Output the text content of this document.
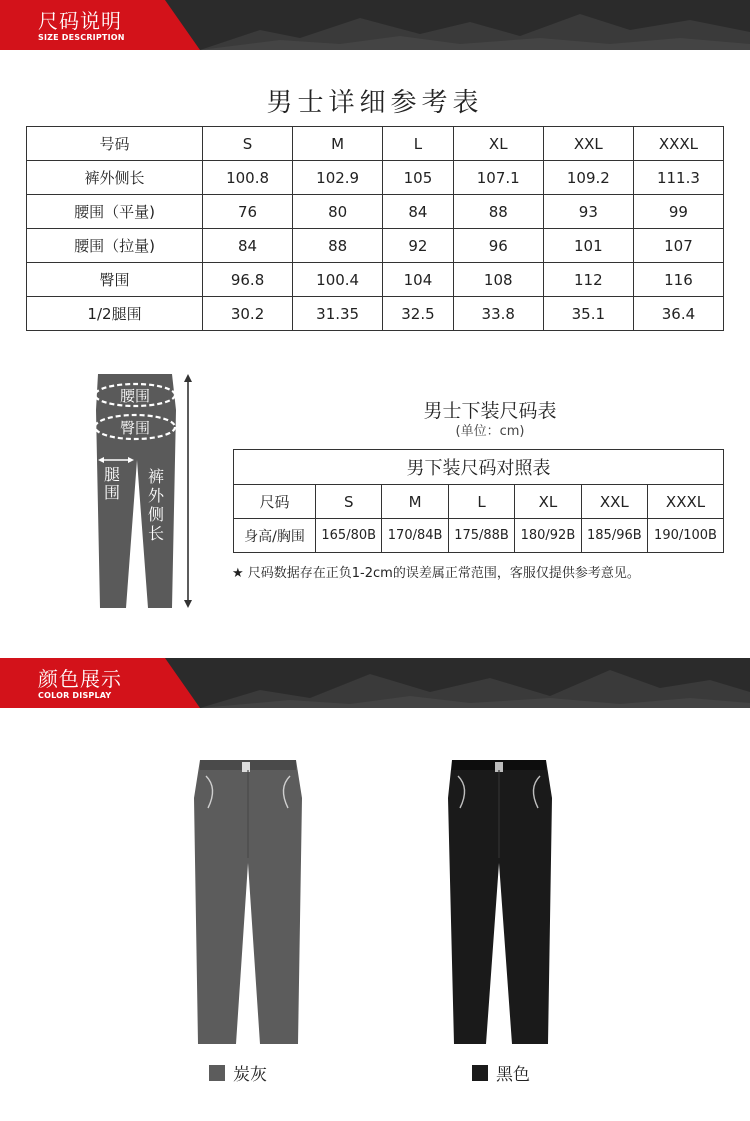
尺码说明
SIZE DESCRIPTION
男士详细参考表
号码	S	M	L	XL	XXL	XXXL
裤外侧长	100.8	102.9	105	107.1	109.2	111.3
腰围（平量)	76	80	84	88	93	99
腰围（拉量)	84	88	92	96	101	107
臀围	96.8	100.4	104	108	112	116
1/2腿围	30.2	31.35	32.5	33.8	35.1	36.4
腰围
臀围
腿
围
裤
外
侧
长
男士下装尺码表
(单位：cm)
男下装尺码对照表						
尺码	S	M	L	XL	XXL	XXXL
身高/胸围	165/80B	170/84B	175/88B	180/92B	185/96B	190/100B
★ 尺码数据存在正负1-2cm的误差属正常范围，客服仅提供参考意见。
颜色展示
COLOR DISPLAY
炭灰	黑色
